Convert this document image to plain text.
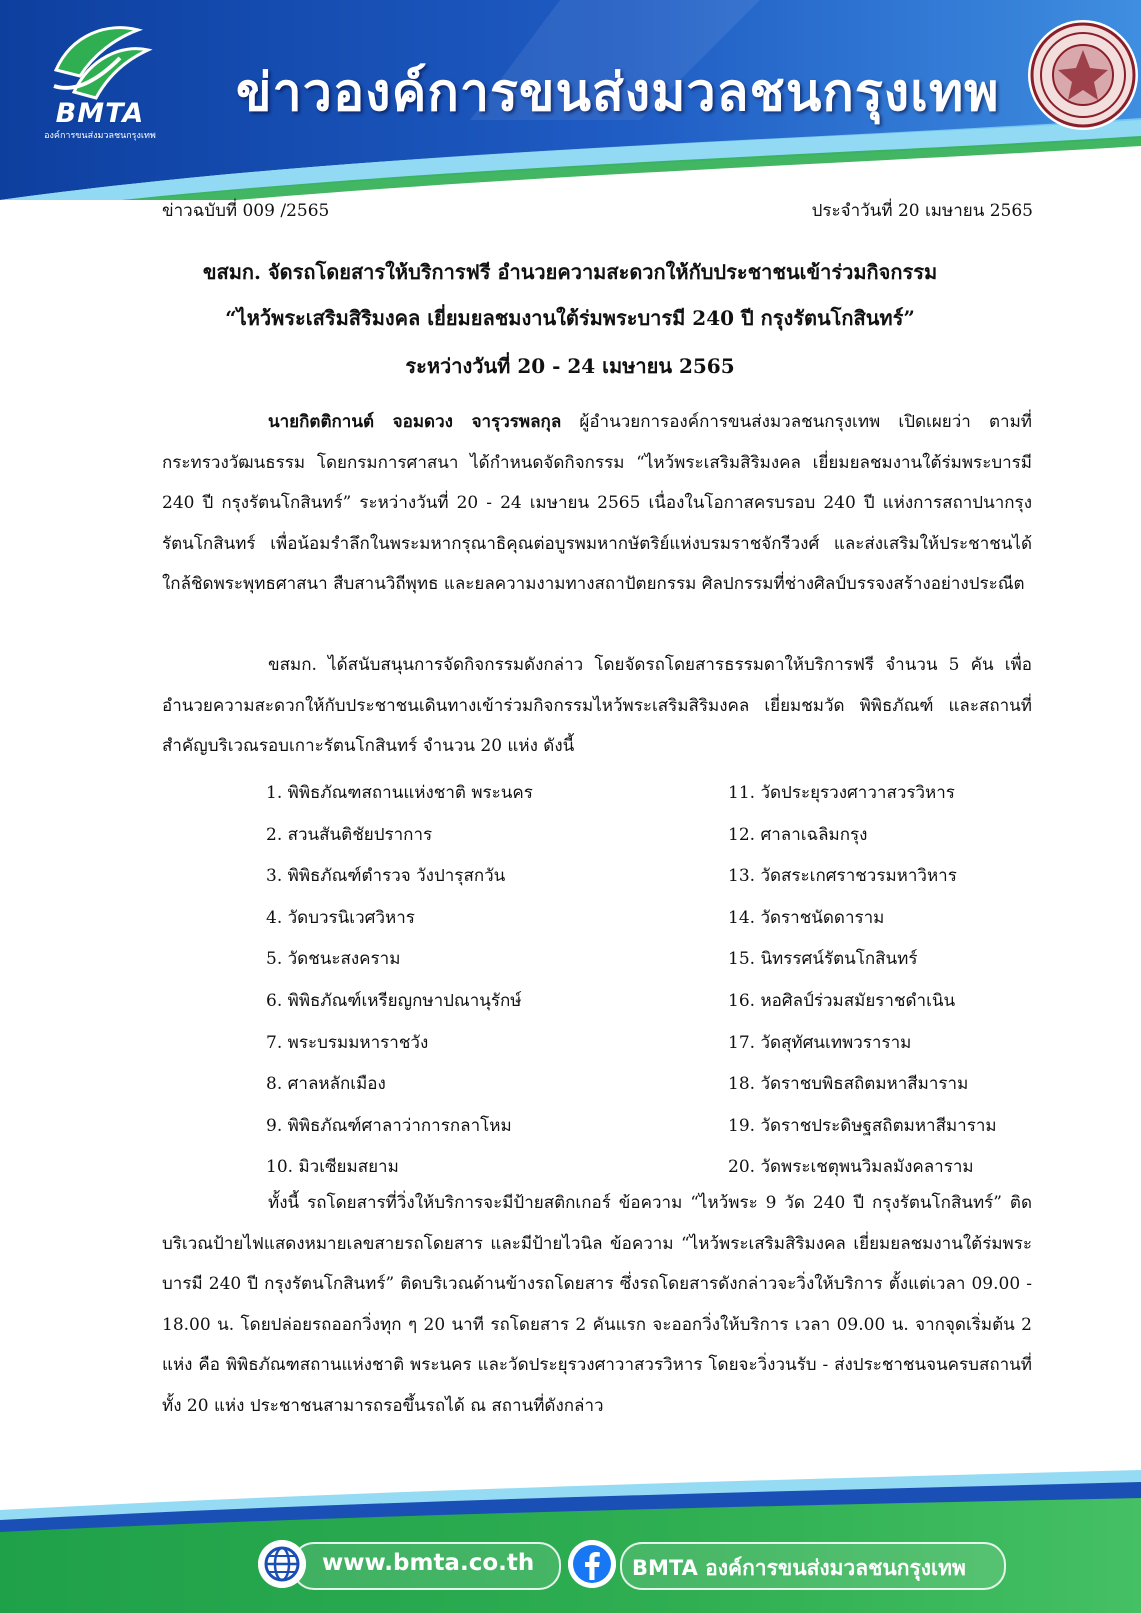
BMTA
องค์การขนส่งมวลชนกรุงเทพ
ข่าวองค์การขนส่งมวลชนกรุงเทพ
ข่าวฉบับที่ 009 /2565	ประจำวันที่ 20 เมษายน 2565
ขสมก. จัดรถโดยสารให้บริการฟรี อำนวยความสะดวกให้กับประชาชนเข้าร่วมกิจกรรม
“ไหว้พระเสริมสิริมงคล เยี่ยมยลชมงานใต้ร่มพระบารมี 240 ปี กรุงรัตนโกสินทร์”
ระหว่างวันที่ 20 - 24 เมษายน 2565

นายกิตติกานต์ จอมดวง จารุวรพลกุล ผู้อำนวยการองค์การขนส่งมวลชนกรุงเทพ เปิดเผยว่า ตามที่กระทรวงวัฒนธรรม โดยกรมการศาสนา ได้กำหนดจัดกิจกรรม “ไหว้พระเสริมสิริมงคล เยี่ยมยลชมงานใต้ร่มพระบารมี 240 ปี กรุงรัตนโกสินทร์” ระหว่างวันที่ 20 - 24 เมษายน 2565 เนื่องในโอกาสครบรอบ 240 ปี แห่งการสถาปนากรุงรัตนโกสินทร์ เพื่อน้อมรำลึกในพระมหากรุณาธิคุณต่อบูรพมหากษัตริย์แห่งบรมราชจักรีวงศ์ และส่งเสริมให้ประชาชนได้ใกล้ชิดพระพุทธศาสนา สืบสานวิถีพุทธ และยลความงามทางสถาปัตยกรรม ศิลปกรรมที่ช่างศิลป์บรรจงสร้างอย่างประณีต

ขสมก. ได้สนับสนุนการจัดกิจกรรมดังกล่าว โดยจัดรถโดยสารธรรมดาให้บริการฟรี จำนวน 5 คัน เพื่ออำนวยความสะดวกให้กับประชาชนเดินทางเข้าร่วมกิจกรรมไหว้พระเสริมสิริมงคล เยี่ยมชมวัด พิพิธภัณฑ์ และสถานที่สำคัญบริเวณรอบเกาะรัตนโกสินทร์ จำนวน 20 แห่ง ดังนี้

1. พิพิธภัณฑสถานแห่งชาติ พระนคร
2. สวนสันติชัยปราการ
3. พิพิธภัณฑ์ตำรวจ วังปารุสกวัน
4. วัดบวรนิเวศวิหาร
5. วัดชนะสงคราม
6. พิพิธภัณฑ์เหรียญกษาปณานุรักษ์
7. พระบรมมหาราชวัง
8. ศาลหลักเมือง
9. พิพิธภัณฑ์ศาลาว่าการกลาโหม
10. มิวเซียมสยาม
11. วัดประยุรวงศาวาสวรวิหาร
12. ศาลาเฉลิมกรุง
13. วัดสระเกศราชวรมหาวิหาร
14. วัดราชนัดดาราม
15. นิทรรศน์รัตนโกสินทร์
16. หอศิลป์ร่วมสมัยราชดำเนิน
17. วัดสุทัศนเทพวราราม
18. วัดราชบพิธสถิตมหาสีมาราม
19. วัดราชประดิษฐสถิตมหาสีมาราม
20. วัดพระเชตุพนวิมลมังคลาราม

ทั้งนี้ รถโดยสารที่วิ่งให้บริการจะมีป้ายสติกเกอร์ ข้อความ “ไหว้พระ 9 วัด 240 ปี กรุงรัตนโกสินทร์” ติดบริเวณป้ายไฟแสดงหมายเลขสายรถโดยสาร และมีป้ายไวนิล ข้อความ “ไหว้พระเสริมสิริมงคล เยี่ยมยลชมงานใต้ร่มพระบารมี 240 ปี กรุงรัตนโกสินทร์” ติดบริเวณด้านข้างรถโดยสาร ซึ่งรถโดยสารดังกล่าวจะวิ่งให้บริการ ตั้งแต่เวลา 09.00 - 18.00 น. โดยปล่อยรถออกวิ่งทุก ๆ 20 นาที รถโดยสาร 2 คันแรก จะออกวิ่งให้บริการ เวลา 09.00 น. จากจุดเริ่มต้น 2 แห่ง คือ พิพิธภัณฑสถานแห่งชาติ พระนคร และวัดประยุรวงศาวาสวรวิหาร โดยจะวิ่งวนรับ - ส่งประชาชนจนครบสถานที่ทั้ง 20 แห่ง ประชาชนสามารถรอขึ้นรถได้ ณ สถานที่ดังกล่าว

www.bmta.co.th	BMTA องค์การขนส่งมวลชนกรุงเทพ
